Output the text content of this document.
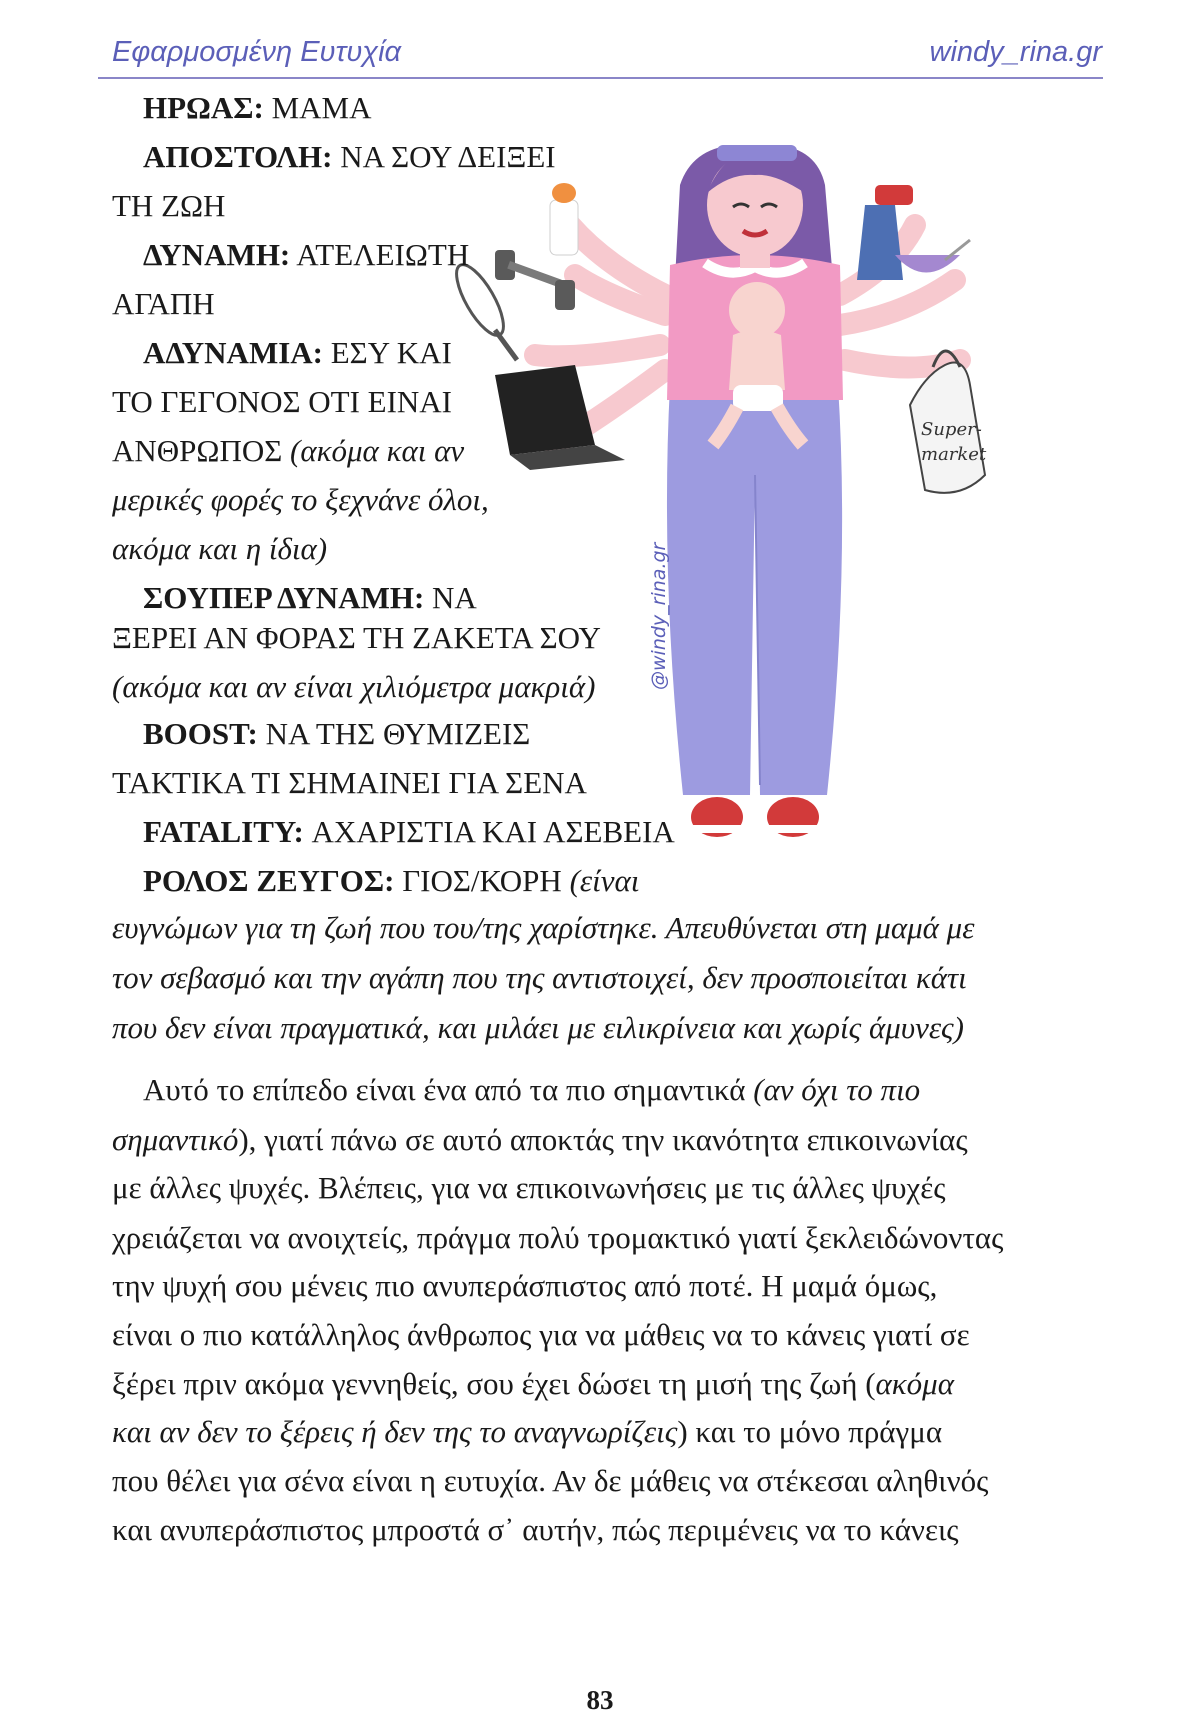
Εφαρμοσμένη Ευτυχία	windy_rina.gr

Super-
market
@windy_rina.gr

ΗΡΩΑΣ: ΜΑΜΑ

ΑΠΟΣΤΟΛΗ: ΝΑ ΣΟΥ ΔΕΙΞΕΙ

ΤΗ ΖΩΗ

ΔΥΝΑΜΗ: ΑΤΕΛΕΙΩΤΗ

ΑΓΑΠΗ

ΑΔΥΝΑΜΙΑ: ΕΣΥ ΚΑΙ

ΤΟ ΓΕΓΟΝΟΣ ΟΤΙ ΕΙΝΑΙ

ΑΝΘΡΩΠΟΣ (ακόμα και αν

μερικές φορές το ξεχνάνε όλοι,

ακόμα και η ίδια)

ΣΟΥΠΕΡ ΔΥΝΑΜΗ: ΝΑ

ΞΕΡΕΙ ΑΝ ΦΟΡΑΣ ΤΗ ΖΑΚΕΤΑ ΣΟΥ

(ακόμα και αν είναι χιλιόμετρα μακριά)

BOOST: ΝΑ ΤΗΣ ΘΥΜΙΖΕΙΣ

ΤΑΚΤΙΚΑ ΤΙ ΣΗΜΑΙΝΕΙ ΓΙΑ ΣΕΝΑ

FATALITY: ΑΧΑΡΙΣΤΙΑ ΚΑΙ ΑΣΕΒΕΙΑ

ΡΟΛΟΣ ΖΕΥΓΟΣ: ΓΙΟΣ/ΚΟΡΗ (είναι

ευγνώμων για τη ζωή που του/της χαρίστηκε. Απευθύνεται στη μαμά με

τον σεβασμό και την αγάπη που της αντιστοιχεί, δεν προσποιείται κάτι

που δεν είναι πραγματικά, και μιλάει με ειλικρίνεια και χωρίς άμυνες)

Αυτό το επίπεδο είναι ένα από τα πιο σημαντικά (αν όχι το πιο

σημαντικό), γιατί πάνω σε αυτό αποκτάς την ικανότητα επικοινωνίας

με άλλες ψυχές. Βλέπεις, για να επικοινωνήσεις με τις άλλες ψυχές

χρειάζεται να ανοιχτείς, πράγμα πολύ τρομακτικό γιατί ξεκλειδώνοντας

την ψυχή σου μένεις πιο ανυπεράσπιστος από ποτέ. Η μαμά όμως,

είναι ο πιο κατάλληλος άνθρωπος για να μάθεις να το κάνεις γιατί σε

ξέρει πριν ακόμα γεννηθείς, σου έχει δώσει τη μισή της ζωή (ακόμα

και αν δεν το ξέρεις ή δεν της το αναγνωρίζεις) και το μόνο πράγμα

που θέλει για σένα είναι η ευτυχία. Αν δε μάθεις να στέκεσαι αληθινός

και ανυπεράσπιστος μπροστά σ᾽ αυτήν, πώς περιμένεις να το κάνεις

83
